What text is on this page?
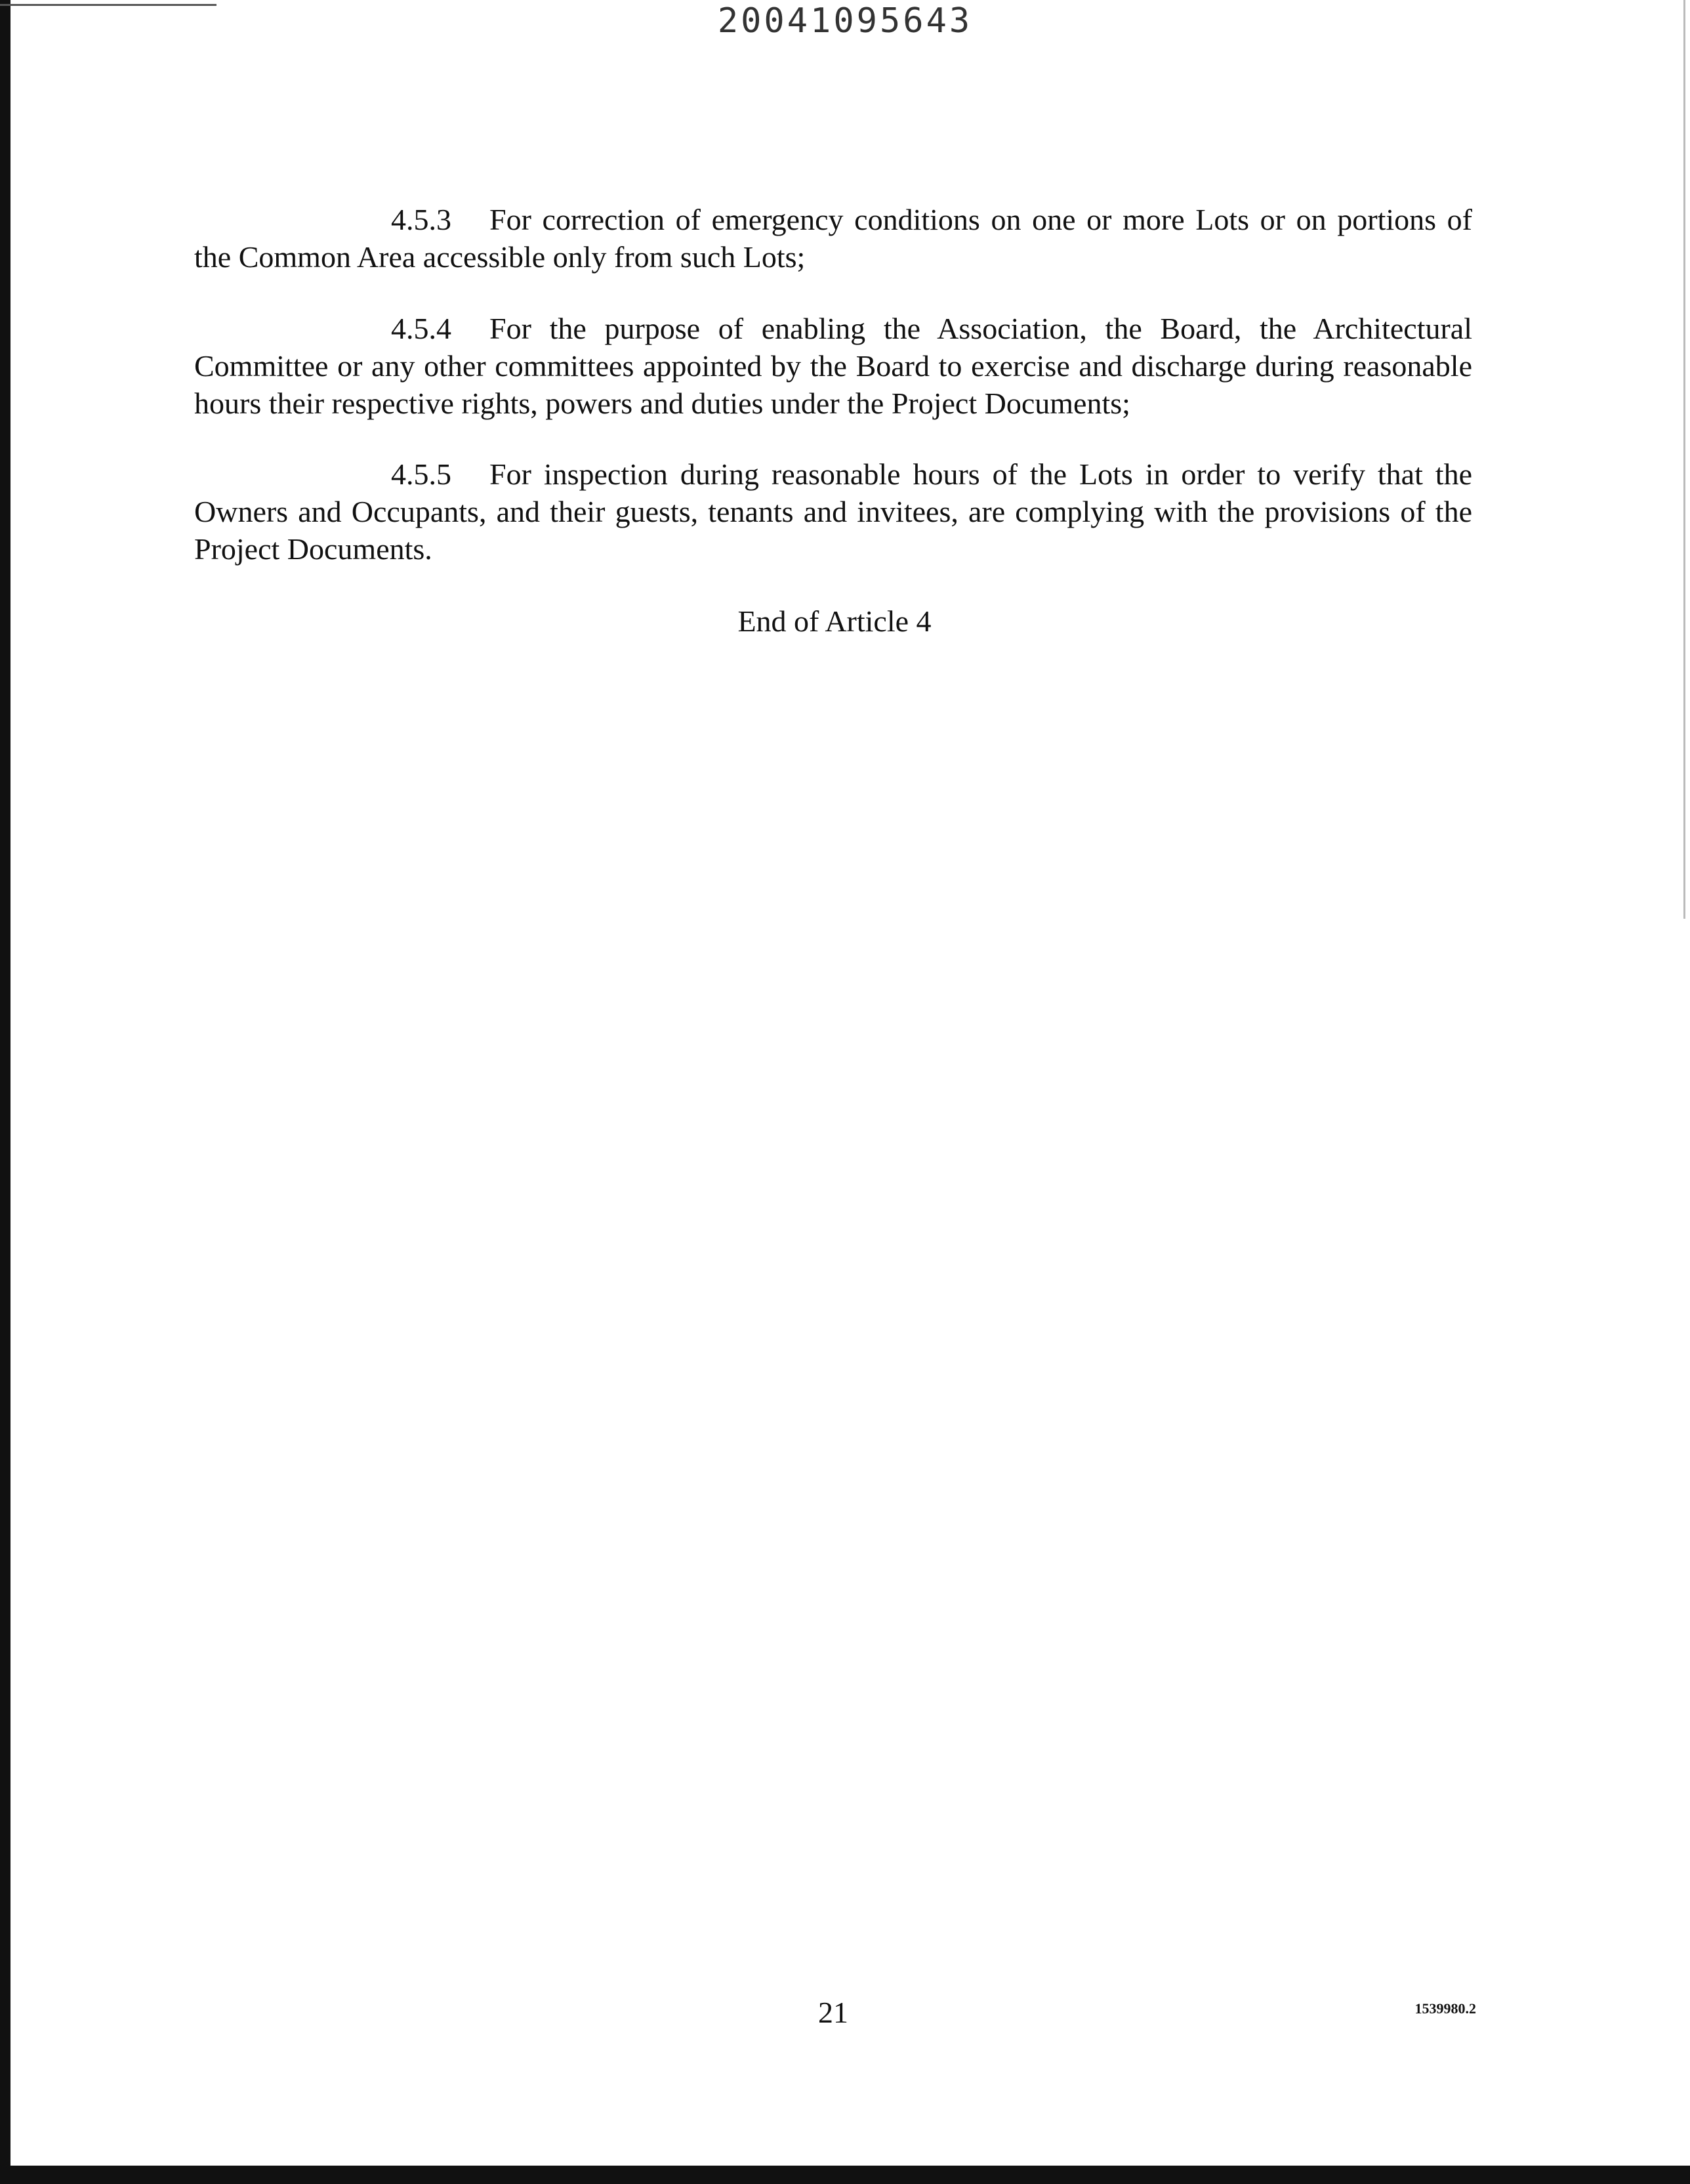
20041095643

4.5.3 For correction of emergency conditions on one or more Lots or on portions of the Common Area accessible only from such Lots;

4.5.4 For the purpose of enabling the Association, the Board, the Architectural Committee or any other committees appointed by the Board to exercise and discharge during reasonable hours their respective rights, powers and duties under the Project Documents;

4.5.5 For inspection during reasonable hours of the Lots in order to verify that the Owners and Occupants, and their guests, tenants and invitees, are complying with the provisions of the Project Documents.

End of Article 4
21	1539980.2
